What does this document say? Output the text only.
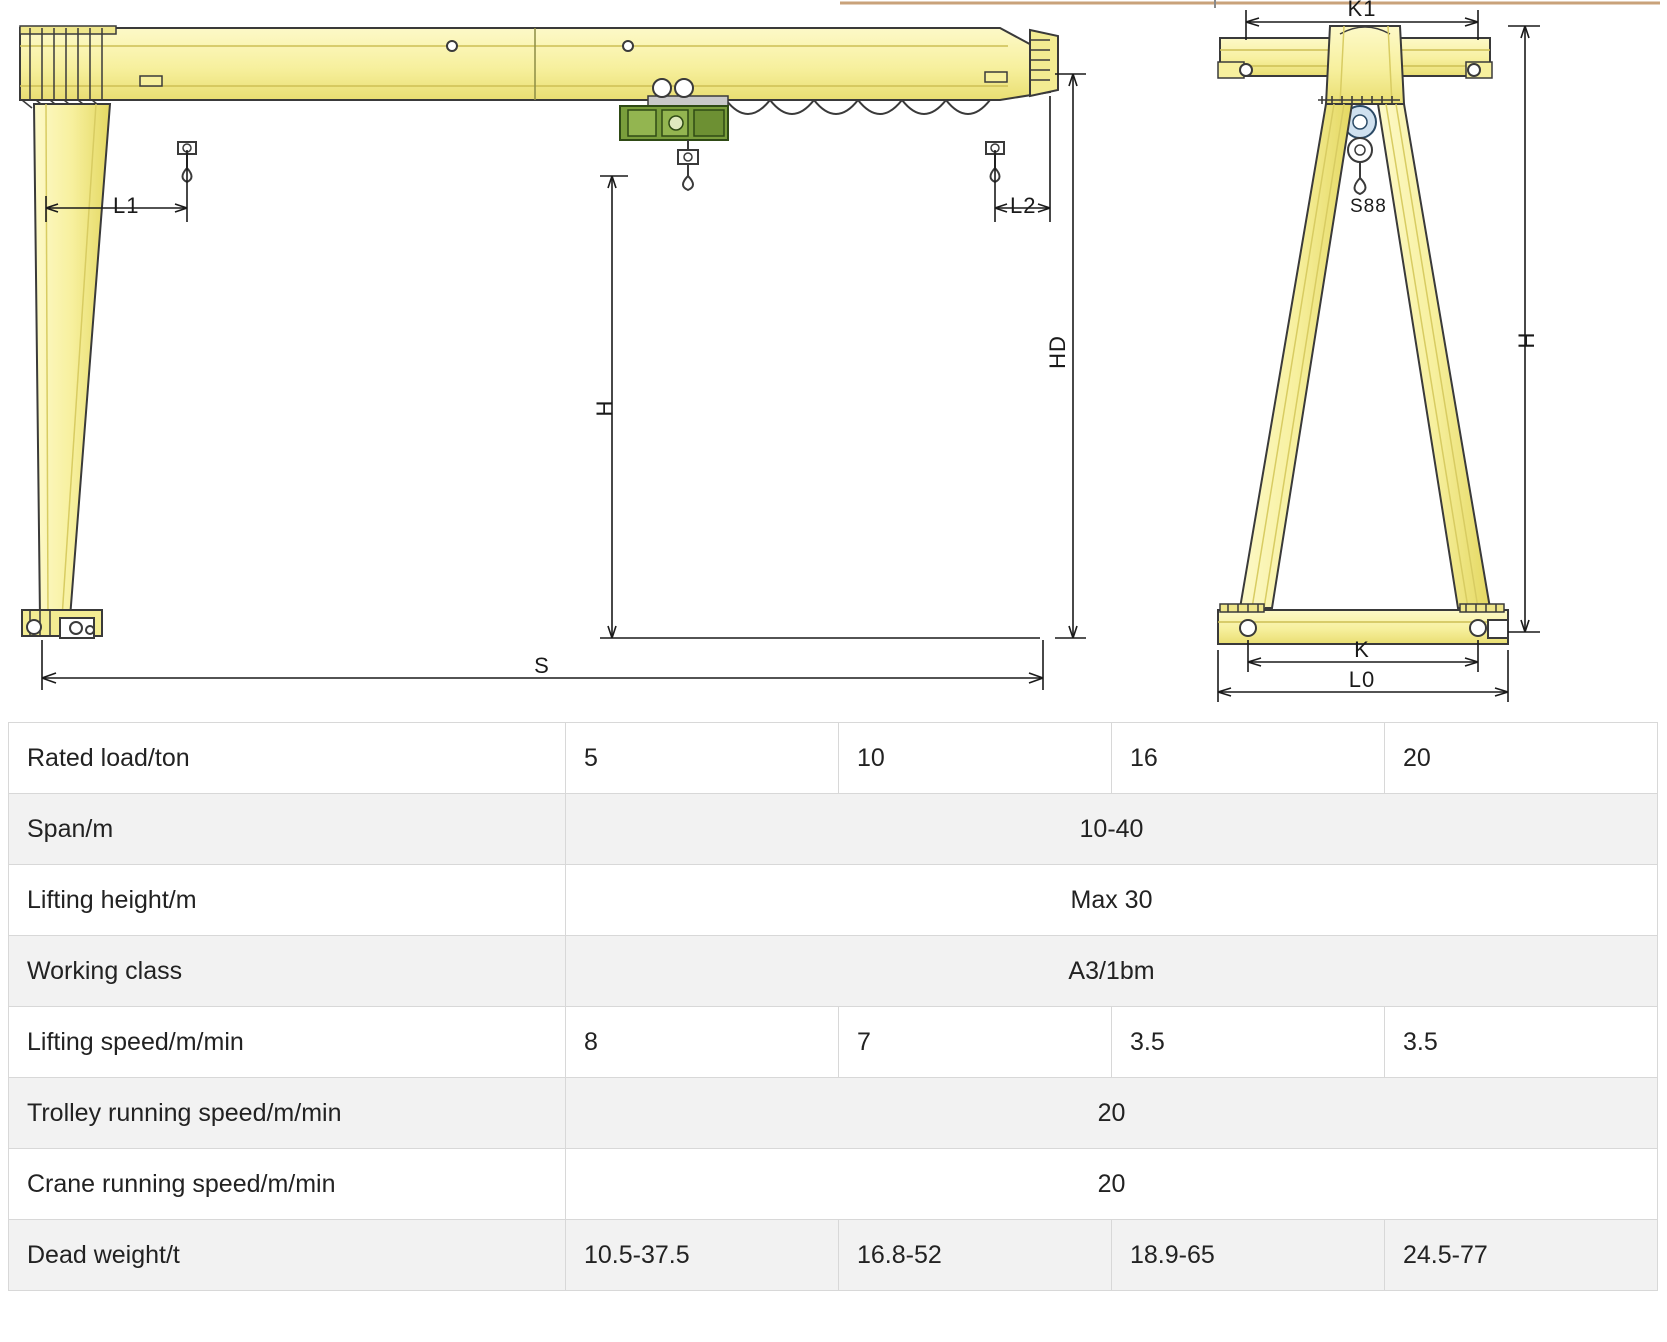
L1	L2
H
HD
S
S88
K1
H
K
L0
Rated load/ton	5	10	16	20
Span/m	10-40			
Lifting height/m	Max 30			
Working class	A3/1bm			
Lifting speed/m/min	8	7	3.5	3.5
Trolley running speed/m/min	20			
Crane running speed/m/min	20			
Dead weight/t	10.5-37.5	16.8-52	18.9-65	24.5-77
